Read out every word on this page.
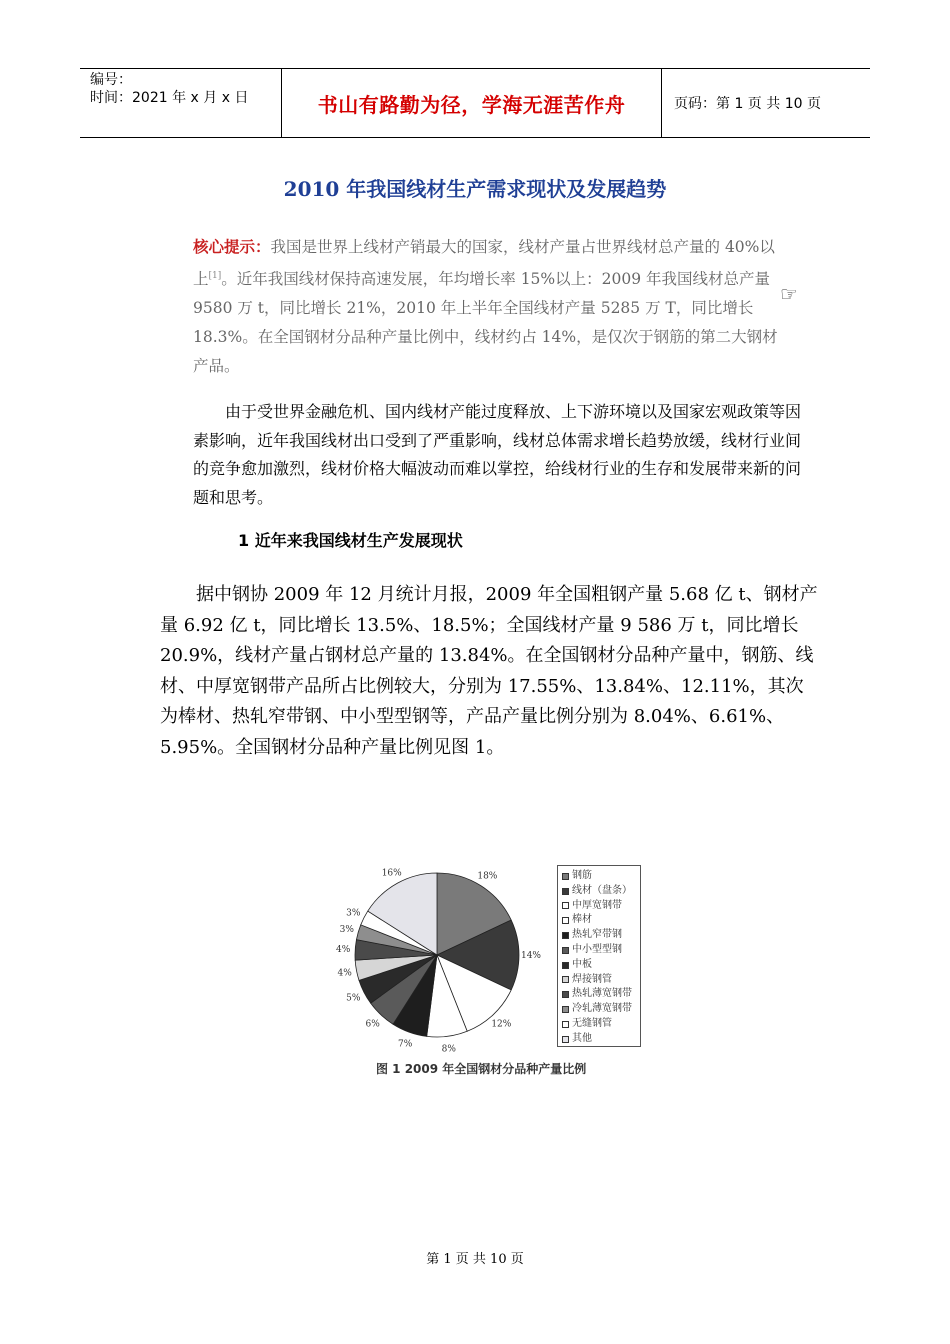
编号：
时间：2021 年 x 月 x 日	书山有路勤为径，学海无涯苦作舟	页码：第 1 页 共 10 页
2010 年我国线材生产需求现状及发展趋势
核心提示：我国是世界上线材产销最大的国家，线材产量占世界线材总产量的 40%以上[1]。近年我国线材保持高速发展，年均增长率 15%以上：2009 年我国线材总产量 9580 万 t，同比增长 21%，2010 年上半年全国线材产量 5285 万 T，同比增长 18.3%。在全国钢材分品种产量比例中，线材约占 14%，是仅次于钢筋的第二大钢材产品。
☞
由于受世界金融危机、国内线材产能过度释放、上下游环境以及国家宏观政策等因素影响，近年我国线材出口受到了严重影响，线材总体需求增长趋势放缓，线材行业间的竞争愈加激烈，线材价格大幅波动而难以掌控，给线材行业的生存和发展带来新的问题和思考。
1 近年来我国线材生产发展现状
据中钢协 2009 年 12 月统计月报，2009 年全国粗钢产量 5.68 亿 t、钢材产量 6.92 亿 t，同比增长 13.5%、18.5%；全国线材产量 9 586 万 t，同比增长 20.9%，线材产量占钢材总产量的 13.84%。在全国钢材分品种产量中，钢筋、线材、中厚宽钢带产品所占比例较大，分别为 17.55%、13.84%、12.11%，其次为棒材、热轧窄带钢、中小型型钢等，产品产量比例分别为 8.04%、6.61%、5.95%。全国钢材分品种产量比例见图 1。
18%
14%
12%
8%
7%
6%
5%
4%
4%
3%
3%
16%	钢筋
线材（盘条）
中厚宽钢带
棒材
热轧窄带钢
中小型型钢
中板
焊接钢管
热轧薄宽钢带
冷轧薄宽钢带
无缝钢管
其他
图 1 2009 年全国钢材分品种产量比例
第 1 页 共 10 页
